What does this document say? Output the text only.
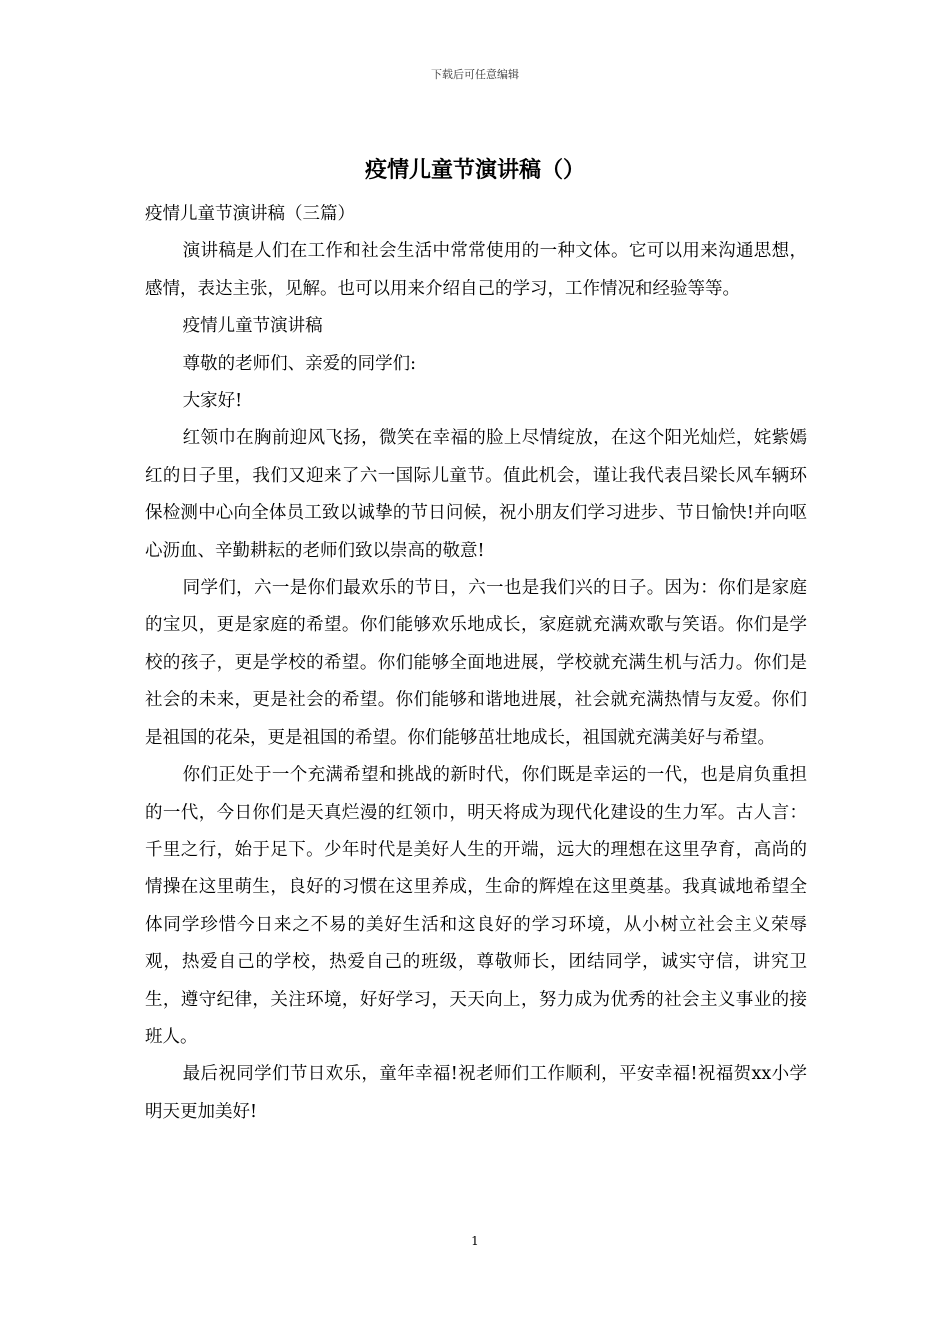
下载后可任意编辑
疫情儿童节演讲稿（）

疫情儿童节演讲稿（三篇）

演讲稿是人们在工作和社会生活中常常使用的一种文体。它可以用来沟通思想，感情，表达主张，见解。也可以用来介绍自己的学习，工作情况和经验等等。

疫情儿童节演讲稿

尊敬的老师们、亲爱的同学们:

大家好!

红领巾在胸前迎风飞扬，微笑在幸福的脸上尽情绽放，在这个阳光灿烂，姹紫嫣红的日子里，我们又迎来了六一国际儿童节。值此机会，谨让我代表吕梁长风车辆环保检测中心向全体员工致以诚挚的节日问候，祝小朋友们学习进步、节日愉快!并向呕心沥血、辛勤耕耘的老师们致以崇高的敬意!

同学们，六一是你们最欢乐的节日，六一也是我们兴的日子。因为：你们是家庭的宝贝，更是家庭的希望。你们能够欢乐地成长，家庭就充满欢歌与笑语。你们是学校的孩子，更是学校的希望。你们能够全面地进展，学校就充满生机与活力。你们是社会的未来，更是社会的希望。你们能够和谐地进展，社会就充满热情与友爱。你们是祖国的花朵，更是祖国的希望。你们能够茁壮地成长，祖国就充满美好与希望。

你们正处于一个充满希望和挑战的新时代，你们既是幸运的一代，也是肩负重担的一代，今日你们是天真烂漫的红领巾，明天将成为现代化建设的生力军。古人言：千里之行，始于足下。少年时代是美好人生的开端，远大的理想在这里孕育，高尚的情操在这里萌生，良好的习惯在这里养成，生命的辉煌在这里奠基。我真诚地希望全体同学珍惜今日来之不易的美好生活和这良好的学习环境，从小树立社会主义荣辱观，热爱自己的学校，热爱自己的班级，尊敬师长，团结同学，诚实守信，讲究卫生，遵守纪律，关注环境，好好学习，天天向上，努力成为优秀的社会主义事业的接班人。

最后祝同学们节日欢乐，童年幸福!祝老师们工作顺利，平安幸福!祝福贺xx小学明天更加美好!

1
